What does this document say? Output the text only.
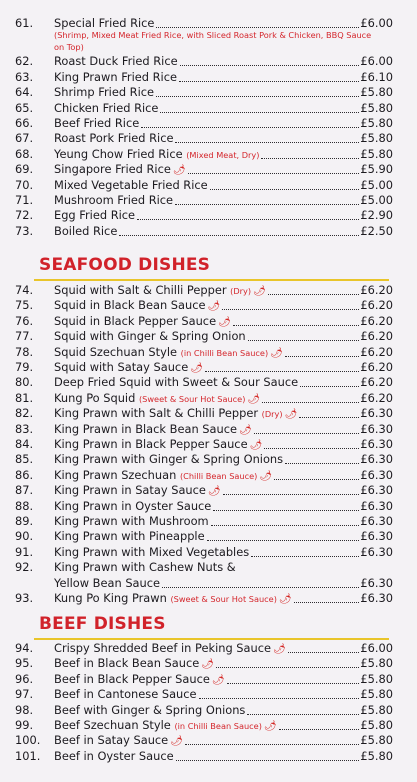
61.	Special Fried Rice	£6.00
(Shrimp, Mixed Meat Fried Rice, with Sliced Roast Pork & Chicken, BBQ Sauce on Top)
62.	Roast Duck Fried Rice	£6.00
63.	King Prawn Fried Rice	£6.10
64.	Shrimp Fried Rice	£5.80
65.	Chicken Fried Rice	£5.80
66.	Beef Fried Rice	£5.80
67.	Roast Pork Fried Rice	£5.80
68.	Yeung Chow Fried Rice (Mixed Meat, Dry)	£5.80
69.	Singapore Fried Rice 🌶︎	£5.90
70.	Mixed Vegetable Fried Rice	£5.00
71.	Mushroom Fried Rice	£5.00
72.	Egg Fried Rice	£2.90
73.	Boiled Rice	£2.50
SEAFOOD DISHES
74.	Squid with Salt & Chilli Pepper (Dry) 🌶︎	£6.20
75.	Squid in Black Bean Sauce 🌶︎	£6.20
76.	Squid in Black Pepper Sauce 🌶︎	£6.20
77.	Squid with Ginger & Spring Onion	£6.20
78.	Squid Szechuan Style (in Chilli Bean Sauce) 🌶︎	£6.20
79.	Squid with Satay Sauce 🌶︎	£6.20
80.	Deep Fried Squid with Sweet & Sour Sauce	£6.20
81.	Kung Po Squid (Sweet & Sour Hot Sauce) 🌶︎	£6.20
82.	King Prawn with Salt & Chilli Pepper (Dry) 🌶︎	£6.30
83.	King Prawn in Black Bean Sauce 🌶︎	£6.30
84.	King Prawn in Black Pepper Sauce 🌶︎	£6.30
85.	King Prawn with Ginger & Spring Onions	£6.30
86.	King Prawn Szechuan (Chilli Bean Sauce) 🌶︎	£6.30
87.	King Prawn in Satay Sauce 🌶︎	£6.30
88.	King Prawn in Oyster Sauce	£6.30
89.	King Prawn with Mushroom	£6.30
90.	King Prawn with Pineapple	£6.30
91.	King Prawn with Mixed Vegetables	£6.30
92.	King Prawn with Cashew Nuts &
Yellow Bean Sauce	£6.30
93.	Kung Po King Prawn (Sweet & Sour Hot Sauce) 🌶︎	£6.30
BEEF DISHES
94.	Crispy Shredded Beef in Peking Sauce 🌶︎	£6.00
95.	Beef in Black Bean Sauce 🌶︎	£5.80
96.	Beef in Black Pepper Sauce 🌶︎	£5.80
97.	Beef in Cantonese Sauce	£5.80
98.	Beef with Ginger & Spring Onions	£5.80
99.	Beef Szechuan Style (in Chilli Bean Sauce) 🌶︎	£5.80
100.	Beef in Satay Sauce 🌶︎	£5.80
101.	Beef in Oyster Sauce	£5.80
